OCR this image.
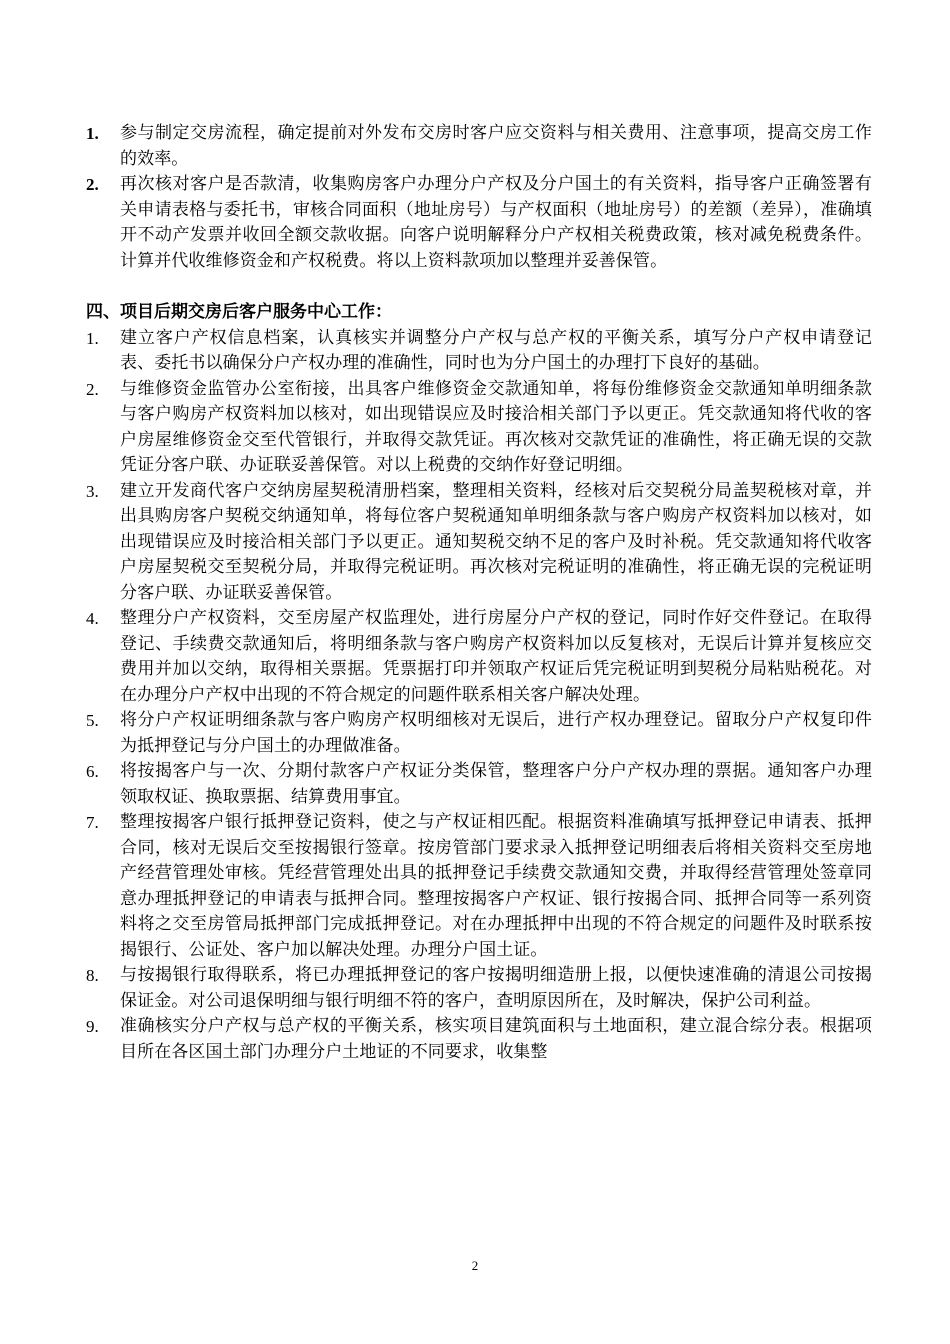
1.	参与制定交房流程，确定提前对外发布交房时客户应交资料与相关费用、注意事项，提高交房工作的效率。
2.	再次核对客户是否款清，收集购房客户办理分户产权及分户国土的有关资料，指导客户正确签署有关申请表格与委托书，审核合同面积（地址房号）与产权面积（地址房号）的差额（差异），准确填开不动产发票并收回全额交款收据。向客户说明解释分户产权相关税费政策，核对减免税费条件。计算并代收维修资金和产权税费。将以上资料款项加以整理并妥善保管。
四、项目后期交房后客户服务中心工作：
1.	建立客户产权信息档案，认真核实并调整分户产权与总产权的平衡关系，填写分户产权申请登记表、委托书以确保分户产权办理的准确性，同时也为分户国土的办理打下良好的基础。
2.	与维修资金监管办公室衔接，出具客户维修资金交款通知单，将每份维修资金交款通知单明细条款与客户购房产权资料加以核对，如出现错误应及时接洽相关部门予以更正。凭交款通知将代收的客户房屋维修资金交至代管银行，并取得交款凭证。再次核对交款凭证的准确性，将正确无误的交款凭证分客户联、办证联妥善保管。对以上税费的交纳作好登记明细。
3.	建立开发商代客户交纳房屋契税清册档案，整理相关资料，经核对后交契税分局盖契税核对章，并出具购房客户契税交纳通知单，将每位客户契税通知单明细条款与客户购房产权资料加以核对，如出现错误应及时接洽相关部门予以更正。通知契税交纳不足的客户及时补税。凭交款通知将代收客户房屋契税交至契税分局，并取得完税证明。再次核对完税证明的准确性，将正确无误的完税证明分客户联、办证联妥善保管。
4.	整理分户产权资料，交至房屋产权监理处，进行房屋分户产权的登记，同时作好交件登记。在取得登记、手续费交款通知后，将明细条款与客户购房产权资料加以反复核对，无误后计算并复核应交费用并加以交纳，取得相关票据。凭票据打印并领取产权证后凭完税证明到契税分局粘贴税花。对在办理分户产权中出现的不符合规定的问题件联系相关客户解决处理。
5.	将分户产权证明细条款与客户购房产权明细核对无误后，进行产权办理登记。留取分户产权复印件为抵押登记与分户国土的办理做准备。
6.	将按揭客户与一次、分期付款客户产权证分类保管，整理客户分户产权办理的票据。通知客户办理领取权证、换取票据、结算费用事宜。
7.	整理按揭客户银行抵押登记资料，使之与产权证相匹配。根据资料准确填写抵押登记申请表、抵押合同，核对无误后交至按揭银行签章。按房管部门要求录入抵押登记明细表后将相关资料交至房地产经营管理处审核。凭经营管理处出具的抵押登记手续费交款通知交费，并取得经营管理处签章同意办理抵押登记的申请表与抵押合同。整理按揭客户产权证、银行按揭合同、抵押合同等一系列资料将之交至房管局抵押部门完成抵押登记。对在办理抵押中出现的不符合规定的问题件及时联系按揭银行、公证处、客户加以解决处理。办理分户国土证。
8.	与按揭银行取得联系，将已办理抵押登记的客户按揭明细造册上报，以便快速准确的清退公司按揭保证金。对公司退保明细与银行明细不符的客户，查明原因所在，及时解决，保护公司利益。
9.	准确核实分户产权与总产权的平衡关系，核实项目建筑面积与土地面积，建立混合综分表。根据项目所在各区国土部门办理分户土地证的不同要求，收集整
2
